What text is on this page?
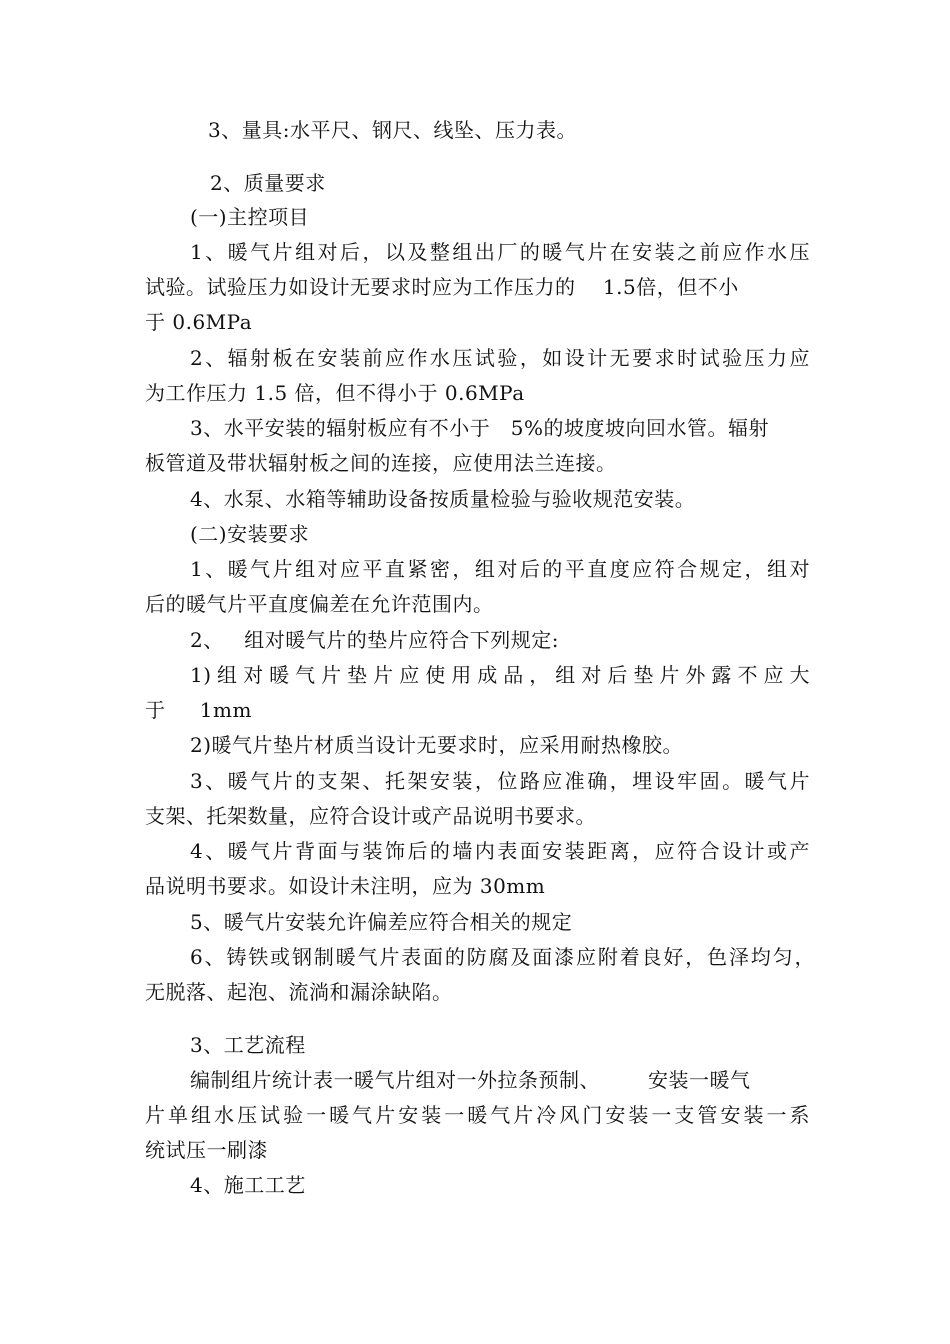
3、量具:水平尺、钢尺、线坠、压力表。
2、质量要求
(一)主控项目
1、暖气片组对后，以及整组出厂的暖气片在安装之前应作水压
试验。试验压力如设计无要求时应为工作压力的    1.5倍，但不小
于 0.6MPa
2、辐射板在安装前应作水压试验，如设计无要求时试验压力应
为工作压力 1.5 倍，但不得小于 0.6MPa
3、水平安装的辐射板应有不小于   5%的坡度坡向回水管。辐射
板管道及带状辐射板之间的连接，应使用法兰连接。
4、水泵、水箱等辅助设备按质量检验与验收规范安装。
(二)安装要求
1、暖气片组对应平直紧密，组对后的平直度应符合规定，组对
后的暖气片平直度偏差在允许范围内。
2、   组对暖气片的垫片应符合下列规定:
1)组对暖气片垫片应使用成品，组对后垫片外露不应大
于     1mm
2)暖气片垫片材质当设计无要求时，应采用耐热橡胶。
3、暖气片的支架、托架安装，位路应准确，埋设牢固。暖气片
支架、托架数量，应符合设计或产品说明书要求。
4、暖气片背面与装饰后的墙内表面安装距离，应符合设计或产
品说明书要求。如设计未注明，应为 30mm
5、暖气片安装允许偏差应符合相关的规定
6、铸铁或钢制暖气片表面的防腐及面漆应附着良好，色泽均匀，
无脱落、起泡、流淌和漏涂缺陷。
3、工艺流程
编制组片统计表一暖气片组对一外拉条预制、       安装一暖气
片单组水压试验一暖气片安装一暖气片冷风门安装一支管安装一系
统试压一刷漆
4、施工工艺
